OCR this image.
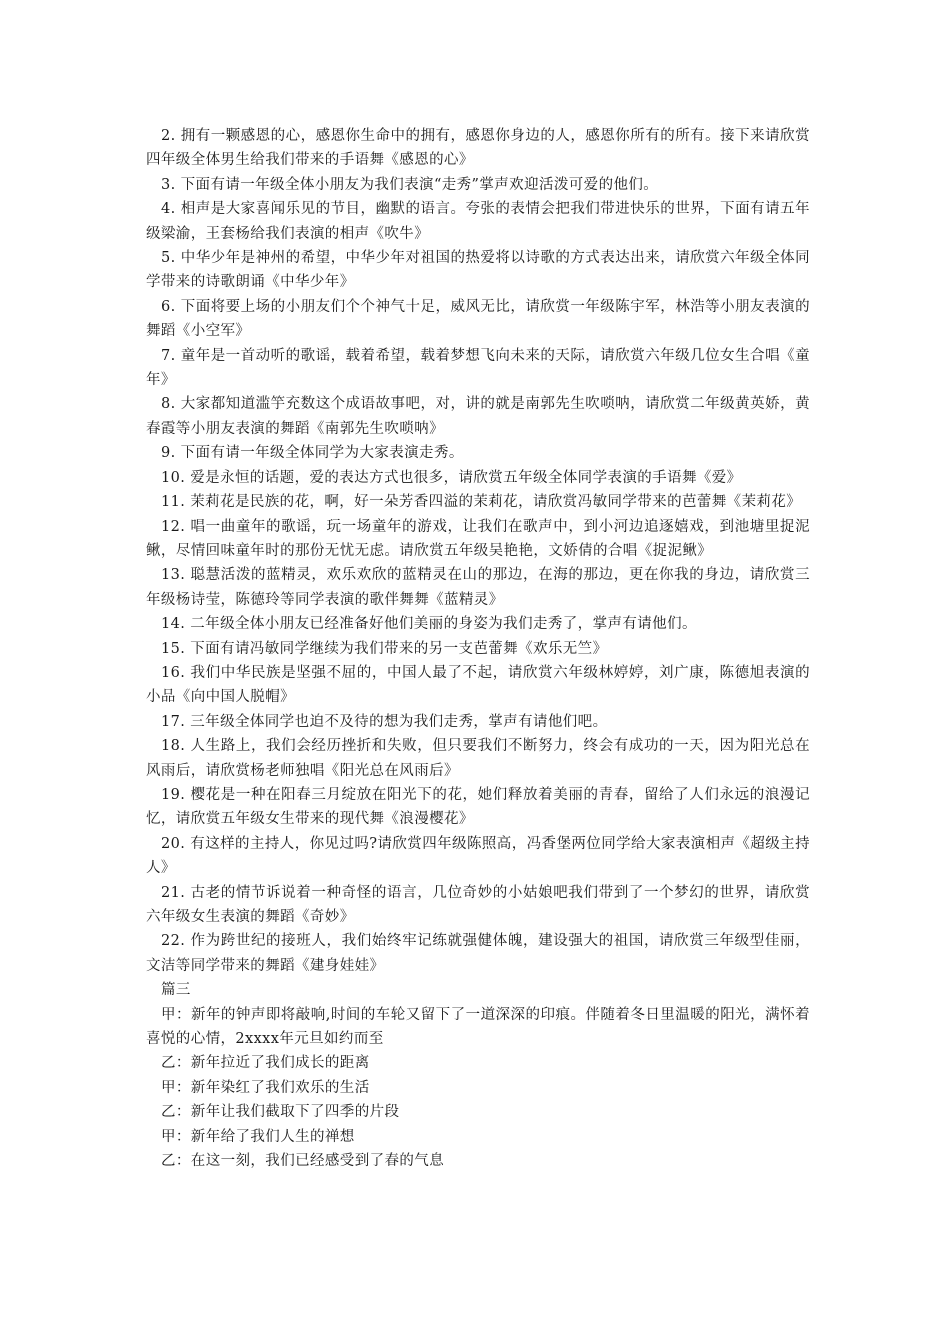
2. 拥有一颗感恩的心，感恩你生命中的拥有，感恩你身边的人，感恩你所有的所有。接下来请欣赏四年级全体男生给我们带来的手语舞《感恩的心》

3. 下面有请一年级全体小朋友为我们表演“走秀”掌声欢迎活泼可爱的他们。

4. 相声是大家喜闻乐见的节目，幽默的语言。夸张的表情会把我们带进快乐的世界，下面有请五年级梁渝，王套杨给我们表演的相声《吹牛》

5. 中华少年是神州的希望，中华少年对祖国的热爱将以诗歌的方式表达出来，请欣赏六年级全体同学带来的诗歌朗诵《中华少年》

6. 下面将要上场的小朋友们个个神气十足，威风无比，请欣赏一年级陈宇军，林浩等小朋友表演的舞蹈《小空军》

7. 童年是一首动听的歌谣，载着希望，载着梦想飞向未来的天际，请欣赏六年级几位女生合唱《童年》

8. 大家都知道滥竽充数这个成语故事吧，对，讲的就是南郭先生吹唢呐，请欣赏二年级黄英娇，黄春霞等小朋友表演的舞蹈《南郭先生吹唢呐》

9. 下面有请一年级全体同学为大家表演走秀。

10. 爱是永恒的话题，爱的表达方式也很多，请欣赏五年级全体同学表演的手语舞《爱》

11. 茉莉花是民族的花，啊，好一朵芳香四溢的茉莉花，请欣赏冯敏同学带来的芭蕾舞《茉莉花》

12. 唱一曲童年的歌谣，玩一场童年的游戏，让我们在歌声中，到小河边追逐嬉戏，到池塘里捉泥鳅，尽情回味童年时的那份无忧无虑。请欣赏五年级吴艳艳，文娇倩的合唱《捉泥鳅》

13. 聪慧活泼的蓝精灵，欢乐欢欣的蓝精灵在山的那边，在海的那边，更在你我的身边，请欣赏三年级杨诗莹，陈德玲等同学表演的歌伴舞舞《蓝精灵》

14. 二年级全体小朋友已经准备好他们美丽的身姿为我们走秀了，掌声有请他们。

15. 下面有请冯敏同学继续为我们带来的另一支芭蕾舞《欢乐无竺》

16. 我们中华民族是坚强不屈的，中国人最了不起，请欣赏六年级林婷婷，刘广康，陈德旭表演的小品《向中国人脱帽》

17. 三年级全体同学也迫不及待的想为我们走秀，掌声有请他们吧。

18. 人生路上，我们会经历挫折和失败，但只要我们不断努力，终会有成功的一天，因为阳光总在风雨后，请欣赏杨老师独唱《阳光总在风雨后》

19. 樱花是一种在阳春三月绽放在阳光下的花，她们释放着美丽的青春，留给了人们永远的浪漫记忆，请欣赏五年级女生带来的现代舞《浪漫樱花》

20. 有这样的主持人，你见过吗?请欣赏四年级陈照高，冯香堡两位同学给大家表演相声《超级主持人》

21. 古老的情节诉说着一种奇怪的语言，几位奇妙的小姑娘吧我们带到了一个梦幻的世界，请欣赏六年级女生表演的舞蹈《奇妙》

22. 作为跨世纪的接班人，我们始终牢记练就强健体魄，建设强大的祖国，请欣赏三年级型佳丽，文洁等同学带来的舞蹈《建身娃娃》

篇三

甲：新年的钟声即将敲响,时间的车轮又留下了一道深深的印痕。伴随着冬日里温暖的阳光，满怀着喜悦的心情，2xxxx年元旦如约而至

乙：新年拉近了我们成长的距离

甲：新年染红了我们欢乐的生活

乙：新年让我们截取下了四季的片段

甲：新年给了我们人生的禅想

乙：在这一刻，我们已经感受到了春的气息
